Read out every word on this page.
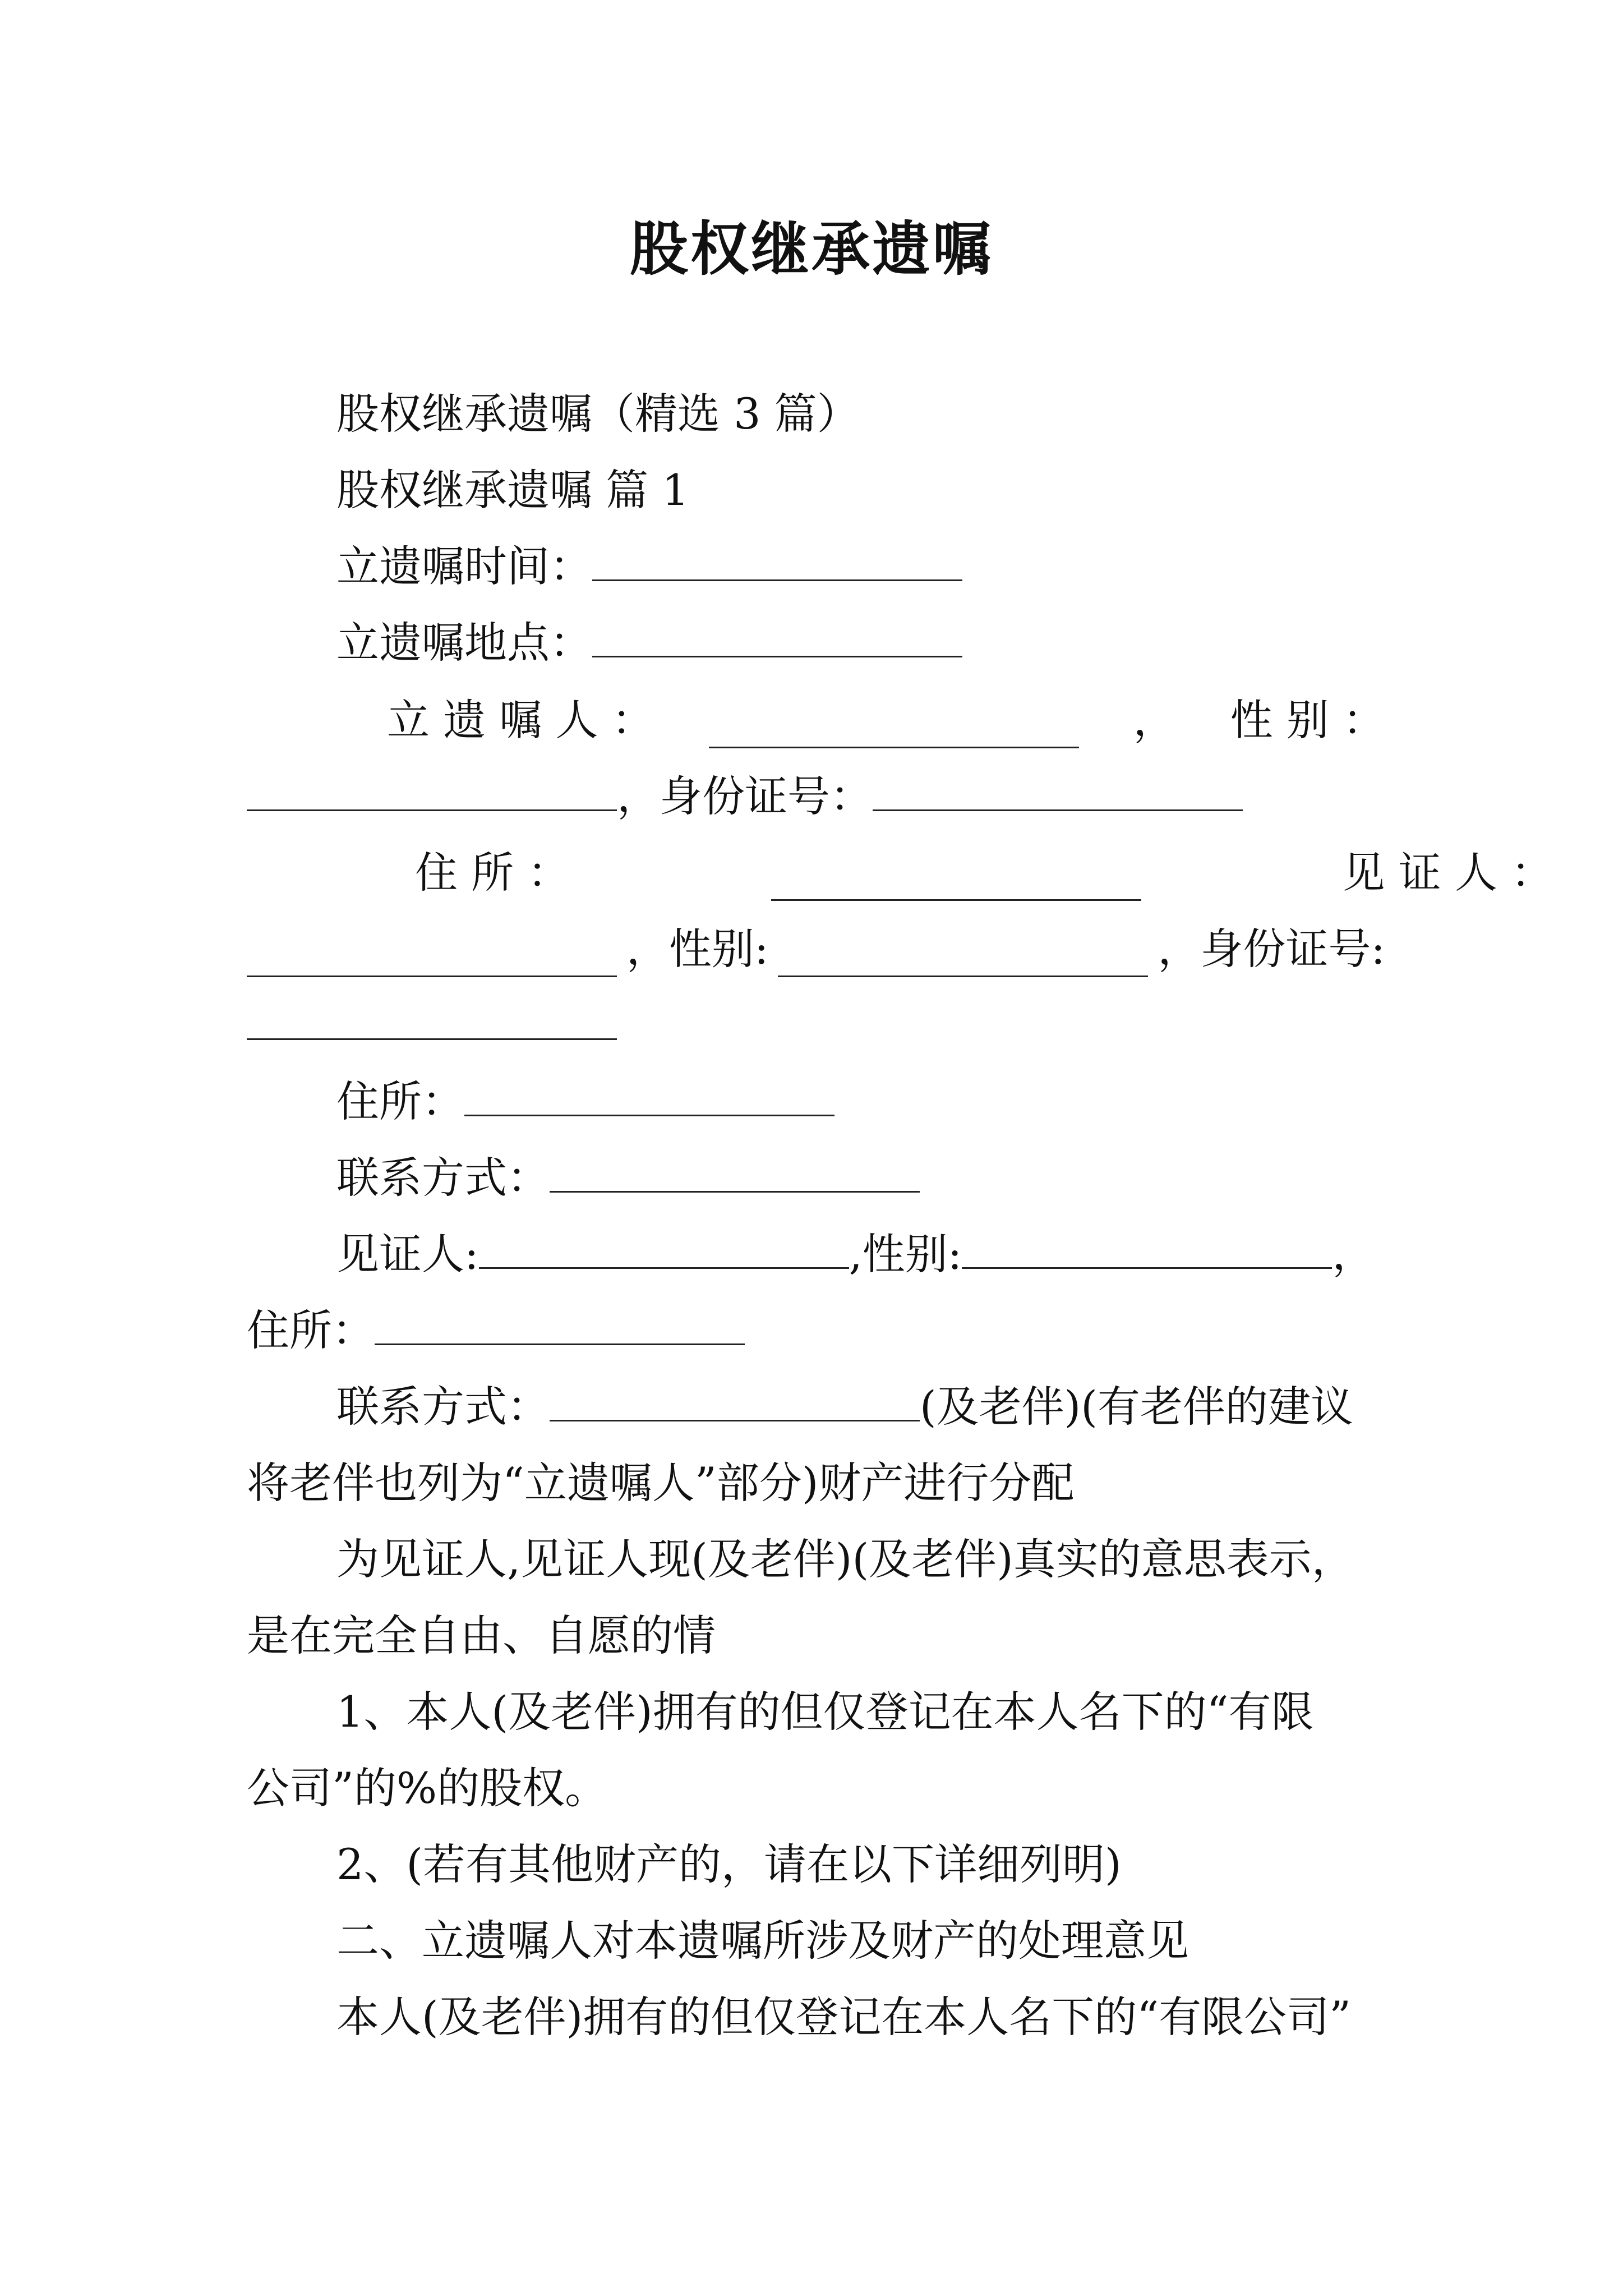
股权继承遗嘱
股权继承遗嘱（精选 3 篇）
股权继承遗嘱 篇 1
立遗嘱时间：
立遗嘱地点：
立 遗 嘱 人 ：	， 性 别 ：
，身份证号：
住 所 ：	见 证 人 ：
，性别:	，身份证号:
住所：
联系方式：
见证人:	,性别:	，
住所：
联系方式：	(及老伴)(有老伴的建议
将老伴也列为“立遗嘱人”部分)财产进行分配
为见证人,见证人现(及老伴)(及老伴)真实的意思表示，
是在完全自由、自愿的情
1、本人(及老伴)拥有的但仅登记在本人名下的“有限
公司”的%的股权。
2、(若有其他财产的，请在以下详细列明)
二、立遗嘱人对本遗嘱所涉及财产的处理意见
本人(及老伴)拥有的但仅登记在本人名下的“有限公司”
